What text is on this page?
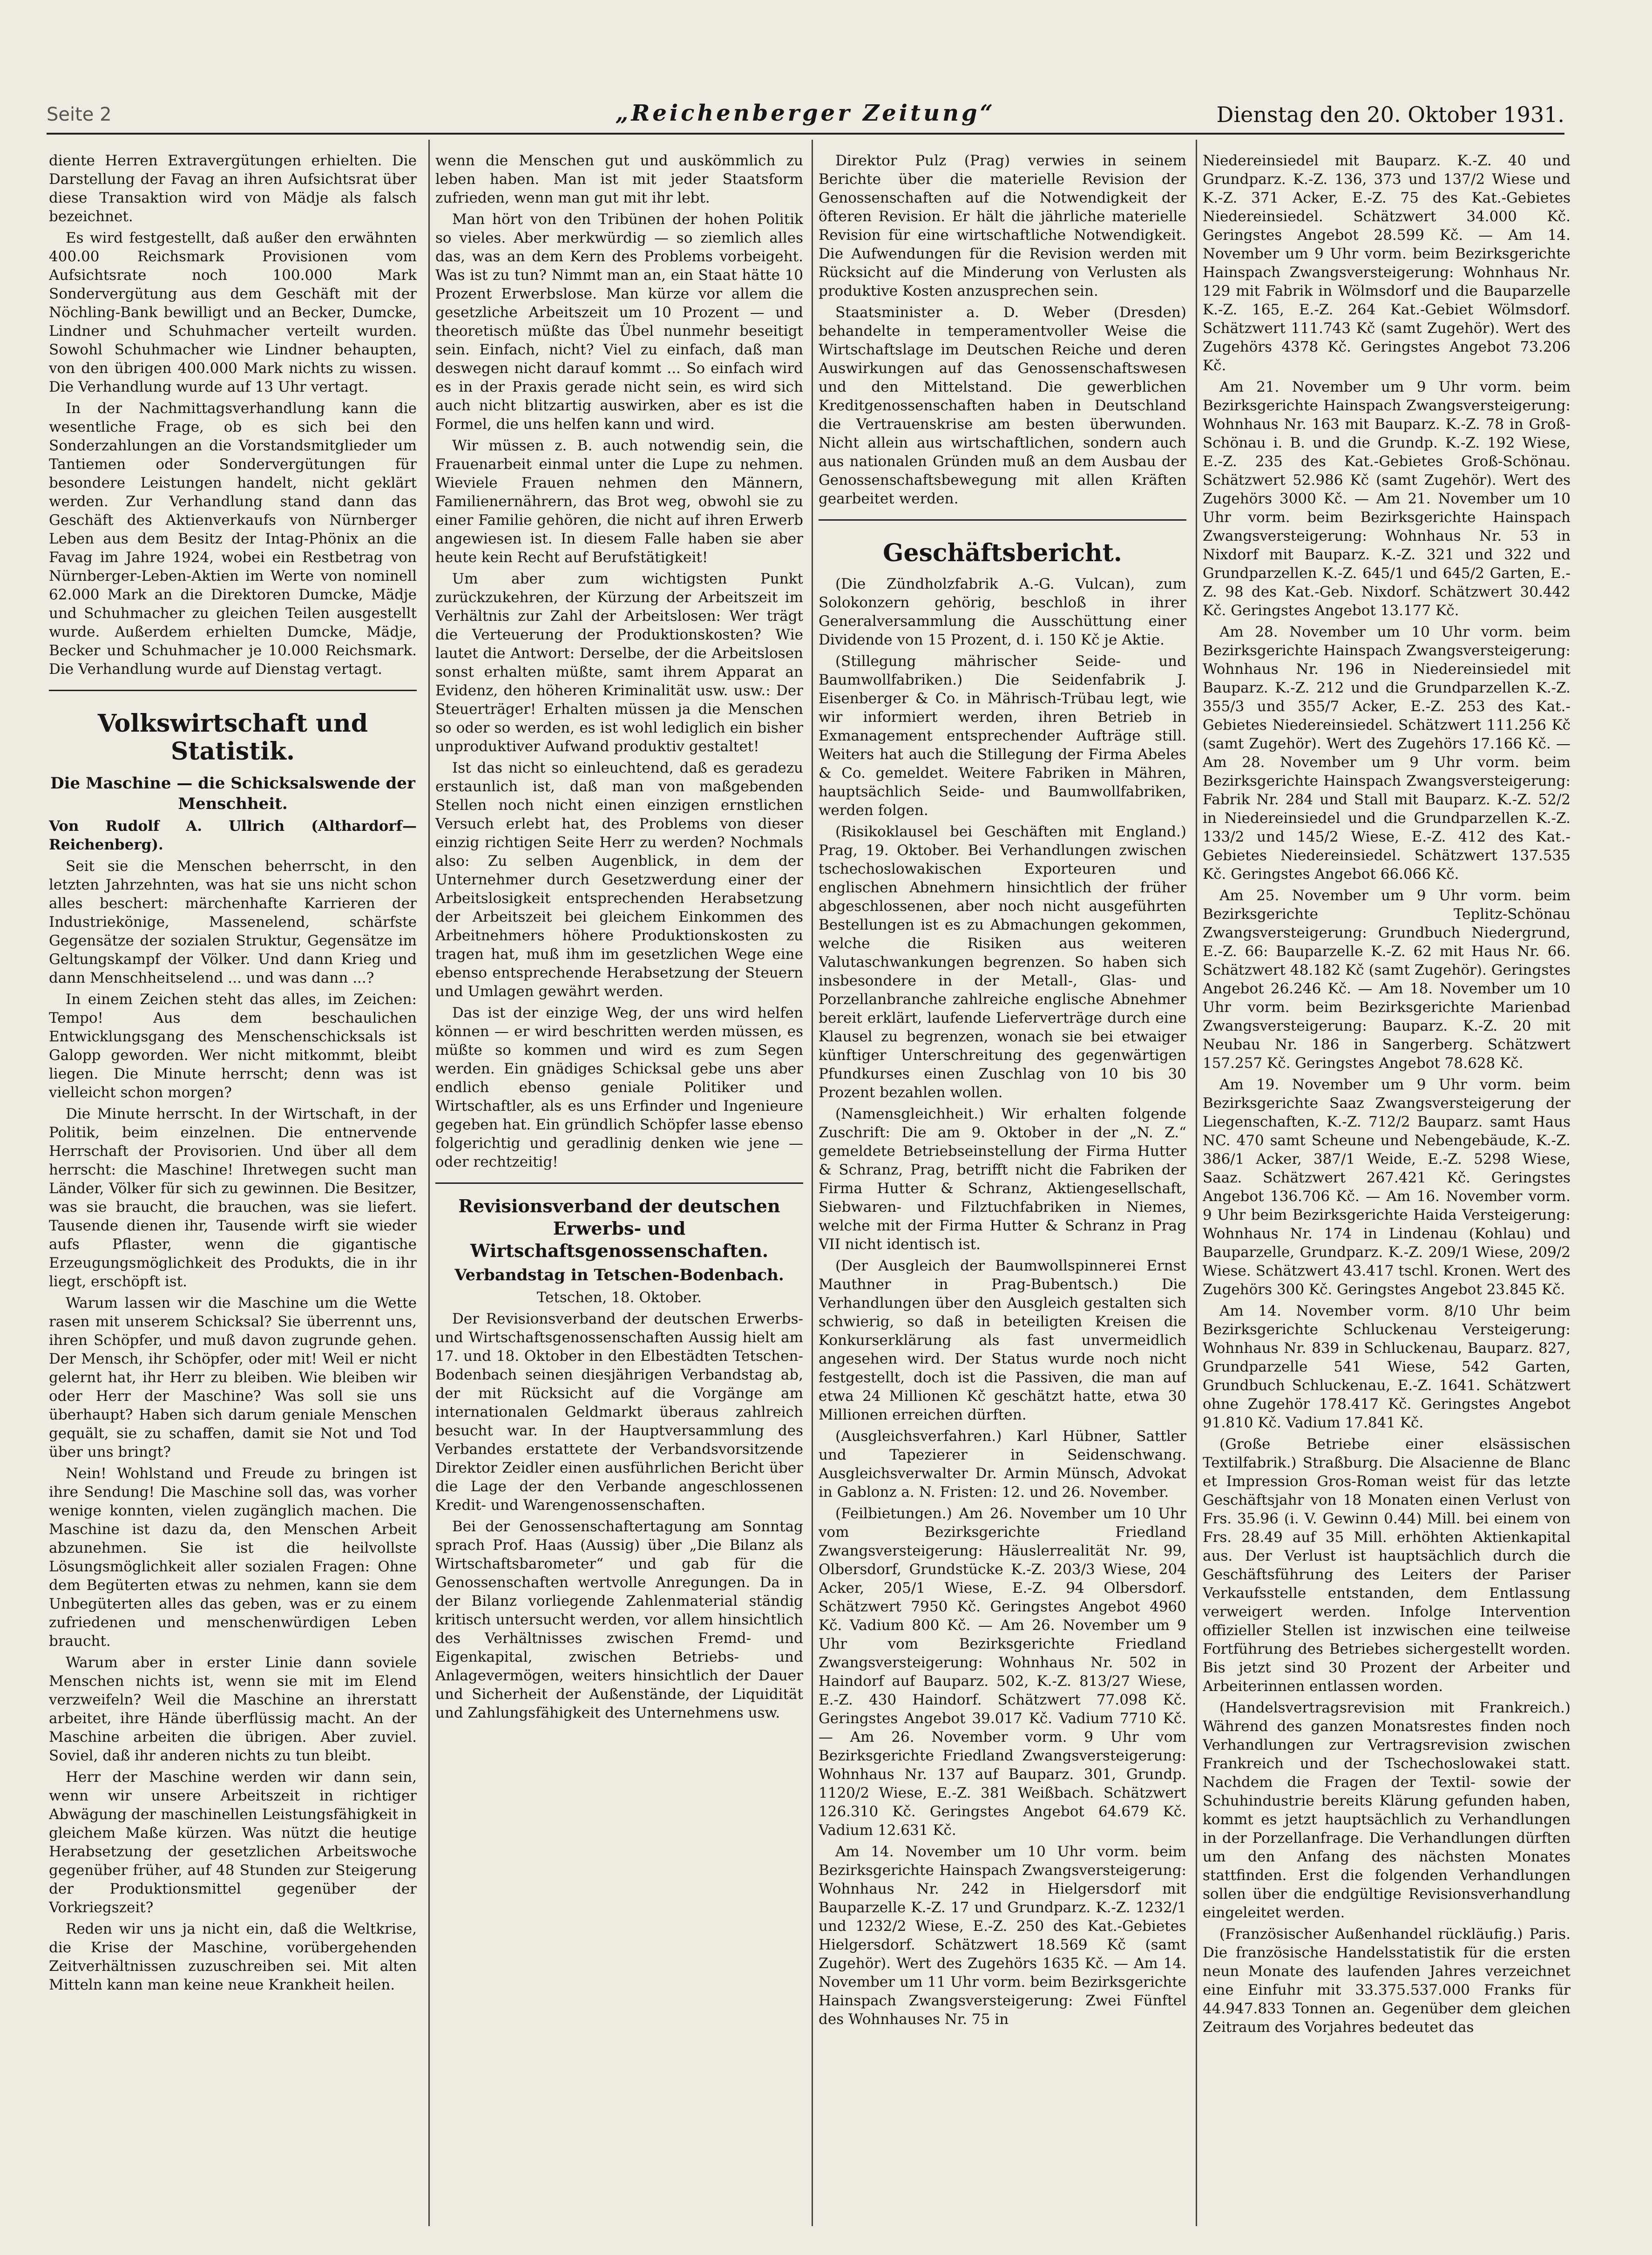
Seite 2	„Reichenberger Zeitung“	Dienstag den 20. Oktober 1931.

diente Herren Extravergütungen erhielten. Die Darstellung der Favag an ihren Aufsichtsrat über diese Transaktion wird von Mädje als falsch bezeichnet.

Es wird festgestellt, daß außer den erwähnten 400.00 Reichsmark Provisionen vom Aufsichtsrate noch 100.000 Mark Sondervergütung aus dem Geschäft mit der Nöchling-Bank bewilligt und an Becker, Dumcke, Lindner und Schuhmacher verteilt wurden. Sowohl Schuhmacher wie Lindner behaupten, von den übrigen 400.000 Mark nichts zu wissen. Die Verhandlung wurde auf 13 Uhr vertagt.

In der Nachmittagsverhandlung kann die wesentliche Frage, ob es sich bei den Sonderzahlungen an die Vorstandsmitglieder um Tantiemen oder Sondervergütungen für besondere Leistungen handelt, nicht geklärt werden. Zur Verhandlung stand dann das Geschäft des Aktienverkaufs von Nürnberger Leben aus dem Besitz der Intag-Phönix an die Favag im Jahre 1924, wobei ein Restbetrag von Nürnberger-Leben-Aktien im Werte von nominell 62.000 Mark an die Direktoren Dumcke, Mädje und Schuhmacher zu gleichen Teilen ausgestellt wurde. Außerdem erhielten Dumcke, Mädje, Becker und Schuhmacher je 10.000 Reichsmark. Die Verhandlung wurde auf Dienstag vertagt.

Volkswirtschaft und Statistik.
Die Maschine — die Schicksalswende der Menschheit.

Von Rudolf A. Ullrich (Althardorf—Reichenberg).

Seit sie die Menschen beherrscht, in den letzten Jahrzehnten, was hat sie uns nicht schon alles beschert: märchenhafte Karrieren der Industriekönige, Massenelend, schärfste Gegensätze der sozialen Struktur, Gegensätze im Geltungskampf der Völker. Und dann Krieg und dann Menschheitselend ... und was dann ...?

In einem Zeichen steht das alles, im Zeichen: Tempo! Aus dem beschaulichen Entwicklungsgang des Menschenschicksals ist Galopp geworden. Wer nicht mitkommt, bleibt liegen. Die Minute herrscht; denn was ist vielleicht schon morgen?

Die Minute herrscht. In der Wirtschaft, in der Politik, beim einzelnen. Die entnervende Herrschaft der Provisorien. Und über all dem herrscht: die Maschine! Ihretwegen sucht man Länder, Völker für sich zu gewinnen. Die Besitzer, was sie braucht, die brauchen, was sie liefert. Tausende dienen ihr, Tausende wirft sie wieder aufs Pflaster, wenn die gigantische Erzeugungsmöglichkeit des Produkts, die in ihr liegt, erschöpft ist.

Warum lassen wir die Maschine um die Wette rasen mit unserem Schicksal? Sie überrennt uns, ihren Schöpfer, und muß davon zugrunde gehen. Der Mensch, ihr Schöpfer, oder mit! Weil er nicht gelernt hat, ihr Herr zu bleiben. Wie bleiben wir oder Herr der Maschine? Was soll sie uns überhaupt? Haben sich darum geniale Menschen gequält, sie zu schaffen, damit sie Not und Tod über uns bringt?

Nein! Wohlstand und Freude zu bringen ist ihre Sendung! Die Maschine soll das, was vorher wenige konnten, vielen zugänglich machen. Die Maschine ist dazu da, den Menschen Arbeit abzunehmen. Sie ist die heilvollste Lösungsmöglichkeit aller sozialen Fragen: Ohne dem Begüterten etwas zu nehmen, kann sie dem Unbegüterten alles das geben, was er zu einem zufriedenen und menschenwürdigen Leben braucht.

Warum aber in erster Linie dann soviele Menschen nichts ist, wenn sie mit im Elend verzweifeln? Weil die Maschine an ihrerstatt arbeitet, ihre Hände überflüssig macht. An der Maschine arbeiten die übrigen. Aber zuviel. Soviel, daß ihr anderen nichts zu tun bleibt.

Herr der Maschine werden wir dann sein, wenn wir unsere Arbeitszeit in richtiger Abwägung der maschinellen Leistungsfähigkeit in gleichem Maße kürzen. Was nützt die heutige Herabsetzung der gesetzlichen Arbeitswoche gegenüber früher, auf 48 Stunden zur Steigerung der Produktionsmittel gegenüber der Vorkriegszeit?

Reden wir uns ja nicht ein, daß die Weltkrise, die Krise der Maschine, vorübergehenden Zeitverhältnissen zuzuschreiben sei. Mit alten Mitteln kann man keine neue Krankheit heilen.

wenn die Menschen gut und auskömmlich zu leben haben. Man ist mit jeder Staatsform zufrieden, wenn man gut mit ihr lebt.

Man hört von den Tribünen der hohen Politik so vieles. Aber merkwürdig — so ziemlich alles das, was an dem Kern des Problems vorbeigeht. Was ist zu tun? Nimmt man an, ein Staat hätte 10 Prozent Erwerbslose. Man kürze vor allem die gesetzliche Arbeitszeit um 10 Prozent — und theoretisch müßte das Übel nunmehr beseitigt sein. Einfach, nicht? Viel zu einfach, daß man deswegen nicht darauf kommt ... So einfach wird es in der Praxis gerade nicht sein, es wird sich auch nicht blitzartig auswirken, aber es ist die Formel, die uns helfen kann und wird.

Wir müssen z. B. auch notwendig sein, die Frauenarbeit einmal unter die Lupe zu nehmen. Wieviele Frauen nehmen den Männern, Familienernährern, das Brot weg, obwohl sie zu einer Familie gehören, die nicht auf ihren Erwerb angewiesen ist. In diesem Falle haben sie aber heute kein Recht auf Berufstätigkeit!

Um aber zum wichtigsten Punkt zurückzukehren, der Kürzung der Arbeitszeit im Verhältnis zur Zahl der Arbeitslosen: Wer trägt die Verteuerung der Produktionskosten? Wie lautet die Antwort: Derselbe, der die Arbeitslosen sonst erhalten müßte, samt ihrem Apparat an Evidenz, den höheren Kriminalität usw. usw.: Der Steuerträger! Erhalten müssen ja die Menschen so oder so werden, es ist wohl lediglich ein bisher unproduktiver Aufwand produktiv gestaltet!

Ist das nicht so einleuchtend, daß es geradezu erstaunlich ist, daß man von maßgebenden Stellen noch nicht einen einzigen ernstlichen Versuch erlebt hat, des Problems von dieser einzig richtigen Seite Herr zu werden? Nochmals also: Zu selben Augenblick, in dem der Unternehmer durch Gesetzwerdung einer der Arbeitslosigkeit entsprechenden Herabsetzung der Arbeitszeit bei gleichem Einkommen des Arbeitnehmers höhere Produktionskosten zu tragen hat, muß ihm im gesetzlichen Wege eine ebenso entsprechende Herabsetzung der Steuern und Umlagen gewährt werden.

Das ist der einzige Weg, der uns wird helfen können — er wird beschritten werden müssen, es müßte so kommen und wird es zum Segen werden. Ein gnädiges Schicksal gebe uns aber endlich ebenso geniale Politiker und Wirtschaftler, als es uns Erfinder und Ingenieure gegeben hat. Ein gründlich Schöpfer lasse ebenso folgerichtig und geradlinig denken wie jene — oder rechtzeitig!

Revisionsverband der deutschen Erwerbs- und Wirtschaftsgenossenschaften.
Verbandstag in Tetschen-Bodenbach.

Tetschen, 18. Oktober.

Der Revisionsverband der deutschen Erwerbs- und Wirtschaftsgenossenschaften Aussig hielt am 17. und 18. Oktober in den Elbestädten Tetschen-Bodenbach seinen diesjährigen Verbandstag ab, der mit Rücksicht auf die Vorgänge am internationalen Geldmarkt überaus zahlreich besucht war. In der Hauptversammlung des Verbandes erstattete der Verbandsvorsitzende Direktor Zeidler einen ausführlichen Bericht über die Lage der den Verbande angeschlossenen Kredit- und Warengenossenschaften.

Bei der Genossenschaftertagung am Sonntag sprach Prof. Haas (Aussig) über „Die Bilanz als Wirtschaftsbarometer“ und gab für die Genossenschaften wertvolle Anregungen. Da in der Bilanz vorliegende Zahlenmaterial ständig kritisch untersucht werden, vor allem hinsichtlich des Verhältnisses zwischen Fremd- und Eigenkapital, zwischen Betriebs- und Anlagevermögen, weiters hinsichtlich der Dauer und Sicherheit der Außenstände, der Liquidität und Zahlungsfähigkeit des Unternehmens usw.

Direktor Pulz (Prag) verwies in seinem Berichte über die materielle Revision der Genossenschaften auf die Notwendigkeit der öfteren Revision. Er hält die jährliche materielle Revision für eine wirtschaftliche Notwendigkeit. Die Aufwendungen für die Revision werden mit Rücksicht auf die Minderung von Verlusten als produktive Kosten anzusprechen sein.

Staatsminister a. D. Weber (Dresden) behandelte in temperamentvoller Weise die Wirtschaftslage im Deutschen Reiche und deren Auswirkungen auf das Genossenschaftswesen und den Mittelstand. Die gewerblichen Kreditgenossenschaften haben in Deutschland die Vertrauenskrise am besten überwunden. Nicht allein aus wirtschaftlichen, sondern auch aus nationalen Gründen muß an dem Ausbau der Genossenschaftsbewegung mit allen Kräften gearbeitet werden.

Geschäftsbericht.

(Die Zündholzfabrik A.-G. Vulcan), zum Solokonzern gehörig, beschloß in ihrer Generalversammlung die Ausschüttung einer Dividende von 15 Prozent, d. i. 150 Kč je Aktie.

(Stillegung mährischer Seide- und Baumwollfabriken.) Die Seidenfabrik J. Eisenberger & Co. in Mährisch-Trübau legt, wie wir informiert werden, ihren Betrieb in Exmanagement entsprechender Aufträge still. Weiters hat auch die Stillegung der Firma Abeles & Co. gemeldet. Weitere Fabriken in Mähren, hauptsächlich Seide- und Baumwollfabriken, werden folgen.

(Risikoklausel bei Geschäften mit England.) Prag, 19. Oktober. Bei Verhandlungen zwischen tschechoslowakischen Exporteuren und englischen Abnehmern hinsichtlich der früher abgeschlossenen, aber noch nicht ausgeführten Bestellungen ist es zu Abmachungen gekommen, welche die Risiken aus weiteren Valutaschwankungen begrenzen. So haben sich insbesondere in der Metall-, Glas- und Porzellanbranche zahlreiche englische Abnehmer bereit erklärt, laufende Lieferverträge durch eine Klausel zu begrenzen, wonach sie bei etwaiger künftiger Unterschreitung des gegenwärtigen Pfundkurses einen Zuschlag von 10 bis 30 Prozent bezahlen wollen.

(Namensgleichheit.) Wir erhalten folgende Zuschrift: Die am 9. Oktober in der „N. Z.“ gemeldete Betriebseinstellung der Firma Hutter & Schranz, Prag, betrifft nicht die Fabriken der Firma Hutter & Schranz, Aktiengesellschaft, Siebwaren- und Filztuchfabriken in Niemes, welche mit der Firma Hutter & Schranz in Prag VII nicht identisch ist.

(Der Ausgleich der Baumwollspinnerei Ernst Mauthner in Prag-Bubentsch.) Die Verhandlungen über den Ausgleich gestalten sich schwierig, so daß in beteiligten Kreisen die Konkurserklärung als fast unvermeidlich angesehen wird. Der Status wurde noch nicht festgestellt, doch ist die Passiven, die man auf etwa 24 Millionen Kč geschätzt hatte, etwa 30 Millionen erreichen dürften.

(Ausgleichsverfahren.) Karl Hübner, Sattler und Tapezierer in Seidenschwang. Ausgleichsverwalter Dr. Armin Münsch, Advokat in Gablonz a. N. Fristen: 12. und 26. November.

(Feilbietungen.) Am 26. November um 10 Uhr vom Bezirksgerichte Friedland Zwangsversteigerung: Häuslerrealität Nr. 99, Olbersdorf, Grundstücke K.-Z. 203/3 Wiese, 204 Acker, 205/1 Wiese, E.-Z. 94 Olbersdorf. Schätzwert 7950 Kč. Geringstes Angebot 4960 Kč. Vadium 800 Kč. — Am 26. November um 9 Uhr vom Bezirksgerichte Friedland Zwangsversteigerung: Wohnhaus Nr. 502 in Haindorf auf Bauparz. 502, K.-Z. 813/27 Wiese, E.-Z. 430 Haindorf. Schätzwert 77.098 Kč. Geringstes Angebot 39.017 Kč. Vadium 7710 Kč. — Am 26. November vorm. 9 Uhr vom Bezirksgerichte Friedland Zwangsversteigerung: Wohnhaus Nr. 137 auf Bauparz. 301, Grundp. 1120/2 Wiese, E.-Z. 381 Weißbach. Schätzwert 126.310 Kč. Geringstes Angebot 64.679 Kč. Vadium 12.631 Kč.

Am 14. November um 10 Uhr vorm. beim Bezirksgerichte Hainspach Zwangsversteigerung: Wohnhaus Nr. 242 in Hielgersdorf mit Bauparzelle K.-Z. 17 und Grundparz. K.-Z. 1232/1 und 1232/2 Wiese, E.-Z. 250 des Kat.-Gebietes Hielgersdorf. Schätzwert 18.569 Kč (samt Zugehör). Wert des Zugehörs 1635 Kč. — Am 14. November um 11 Uhr vorm. beim Bezirksgerichte Hainspach Zwangsversteigerung: Zwei Fünftel des Wohnhauses Nr. 75 in

Niedereinsiedel mit Bauparz. K.-Z. 40 und Grundparz. K.-Z. 136, 373 und 137/2 Wiese und K.-Z. 371 Acker, E.-Z. 75 des Kat.-Gebietes Niedereinsiedel. Schätzwert 34.000 Kč. Geringstes Angebot 28.599 Kč. — Am 14. November um 9 Uhr vorm. beim Bezirksgerichte Hainspach Zwangsversteigerung: Wohnhaus Nr. 129 mit Fabrik in Wölmsdorf und die Bauparzelle K.-Z. 165, E.-Z. 264 Kat.-Gebiet Wölmsdorf. Schätzwert 111.743 Kč (samt Zugehör). Wert des Zugehörs 4378 Kč. Geringstes Angebot 73.206 Kč.

Am 21. November um 9 Uhr vorm. beim Bezirksgerichte Hainspach Zwangsversteigerung: Wohnhaus Nr. 163 mit Bauparz. K.-Z. 78 in Groß-Schönau i. B. und die Grundp. K.-Z. 192 Wiese, E.-Z. 235 des Kat.-Gebietes Groß-Schönau. Schätzwert 52.986 Kč (samt Zugehör). Wert des Zugehörs 3000 Kč. — Am 21. November um 10 Uhr vorm. beim Bezirksgerichte Hainspach Zwangsversteigerung: Wohnhaus Nr. 53 in Nixdorf mit Bauparz. K.-Z. 321 und 322 und Grundparzellen K.-Z. 645/1 und 645/2 Garten, E.-Z. 98 des Kat.-Geb. Nixdorf. Schätzwert 30.442 Kč. Geringstes Angebot 13.177 Kč.

Am 28. November um 10 Uhr vorm. beim Bezirksgerichte Hainspach Zwangsversteigerung: Wohnhaus Nr. 196 in Niedereinsiedel mit Bauparz. K.-Z. 212 und die Grundparzellen K.-Z. 355/3 und 355/7 Acker, E.-Z. 253 des Kat.-Gebietes Niedereinsiedel. Schätzwert 111.256 Kč (samt Zugehör). Wert des Zugehörs 17.166 Kč. — Am 28. November um 9 Uhr vorm. beim Bezirksgerichte Hainspach Zwangsversteigerung: Fabrik Nr. 284 und Stall mit Bauparz. K.-Z. 52/2 in Niedereinsiedel und die Grundparzellen K.-Z. 133/2 und 145/2 Wiese, E.-Z. 412 des Kat.-Gebietes Niedereinsiedel. Schätzwert 137.535 Kč. Geringstes Angebot 66.066 Kč.

Am 25. November um 9 Uhr vorm. beim Bezirksgerichte Teplitz-Schönau Zwangsversteigerung: Grundbuch Niedergrund, E.-Z. 66: Bauparzelle K.-Z. 62 mit Haus Nr. 66. Schätzwert 48.182 Kč (samt Zugehör). Geringstes Angebot 26.246 Kč. — Am 18. November um 10 Uhr vorm. beim Bezirksgerichte Marienbad Zwangsversteigerung: Bauparz. K.-Z. 20 mit Neubau Nr. 186 in Sangerberg. Schätzwert 157.257 Kč. Geringstes Angebot 78.628 Kč.

Am 19. November um 9 Uhr vorm. beim Bezirksgerichte Saaz Zwangsversteigerung der Liegenschaften, K.-Z. 712/2 Bauparz. samt Haus NC. 470 samt Scheune und Nebengebäude, K.-Z. 386/1 Acker, 387/1 Weide, E.-Z. 5298 Wiese, Saaz. Schätzwert 267.421 Kč. Geringstes Angebot 136.706 Kč. — Am 16. November vorm. 9 Uhr beim Bezirksgerichte Haida Versteigerung: Wohnhaus Nr. 174 in Lindenau (Kohlau) und Bauparzelle, Grundparz. K.-Z. 209/1 Wiese, 209/2 Wiese. Schätzwert 43.417 tschl. Kronen. Wert des Zugehörs 300 Kč. Geringstes Angebot 23.845 Kč.

Am 14. November vorm. 8/10 Uhr beim Bezirksgerichte Schluckenau Versteigerung: Wohnhaus Nr. 839 in Schluckenau, Bauparz. 827, Grundparzelle 541 Wiese, 542 Garten, Grundbuch Schluckenau, E.-Z. 1641. Schätzwert ohne Zugehör 178.417 Kč. Geringstes Angebot 91.810 Kč. Vadium 17.841 Kč.

(Große Betriebe einer elsässischen Textilfabrik.) Straßburg. Die Alsacienne de Blanc et Impression Gros-Roman weist für das letzte Geschäftsjahr von 18 Monaten einen Verlust von Frs. 35.96 (i. V. Gewinn 0.44) Mill. bei einem von Frs. 28.49 auf 35 Mill. erhöhten Aktienkapital aus. Der Verlust ist hauptsächlich durch die Geschäftsführung des Leiters der Pariser Verkaufsstelle entstanden, dem Entlassung verweigert werden. Infolge Intervention offizieller Stellen ist inzwischen eine teilweise Fortführung des Betriebes sichergestellt worden. Bis jetzt sind 30 Prozent der Arbeiter und Arbeiterinnen entlassen worden.

(Handelsvertragsrevision mit Frankreich.) Während des ganzen Monatsrestes finden noch Verhandlungen zur Vertragsrevision zwischen Frankreich und der Tschechoslowakei statt. Nachdem die Fragen der Textil- sowie der Schuhindustrie bereits Klärung gefunden haben, kommt es jetzt hauptsächlich zu Verhandlungen in der Porzellanfrage. Die Verhandlungen dürften um den Anfang des nächsten Monates stattfinden. Erst die folgenden Verhandlungen sollen über die endgültige Revisionsverhandlung eingeleitet werden.

(Französischer Außenhandel rückläufig.) Paris. Die französische Handelsstatistik für die ersten neun Monate des laufenden Jahres verzeichnet eine Einfuhr mit 33.375.537.000 Franks für 44.947.833 Tonnen an. Gegenüber dem gleichen Zeitraum des Vorjahres bedeutet das
